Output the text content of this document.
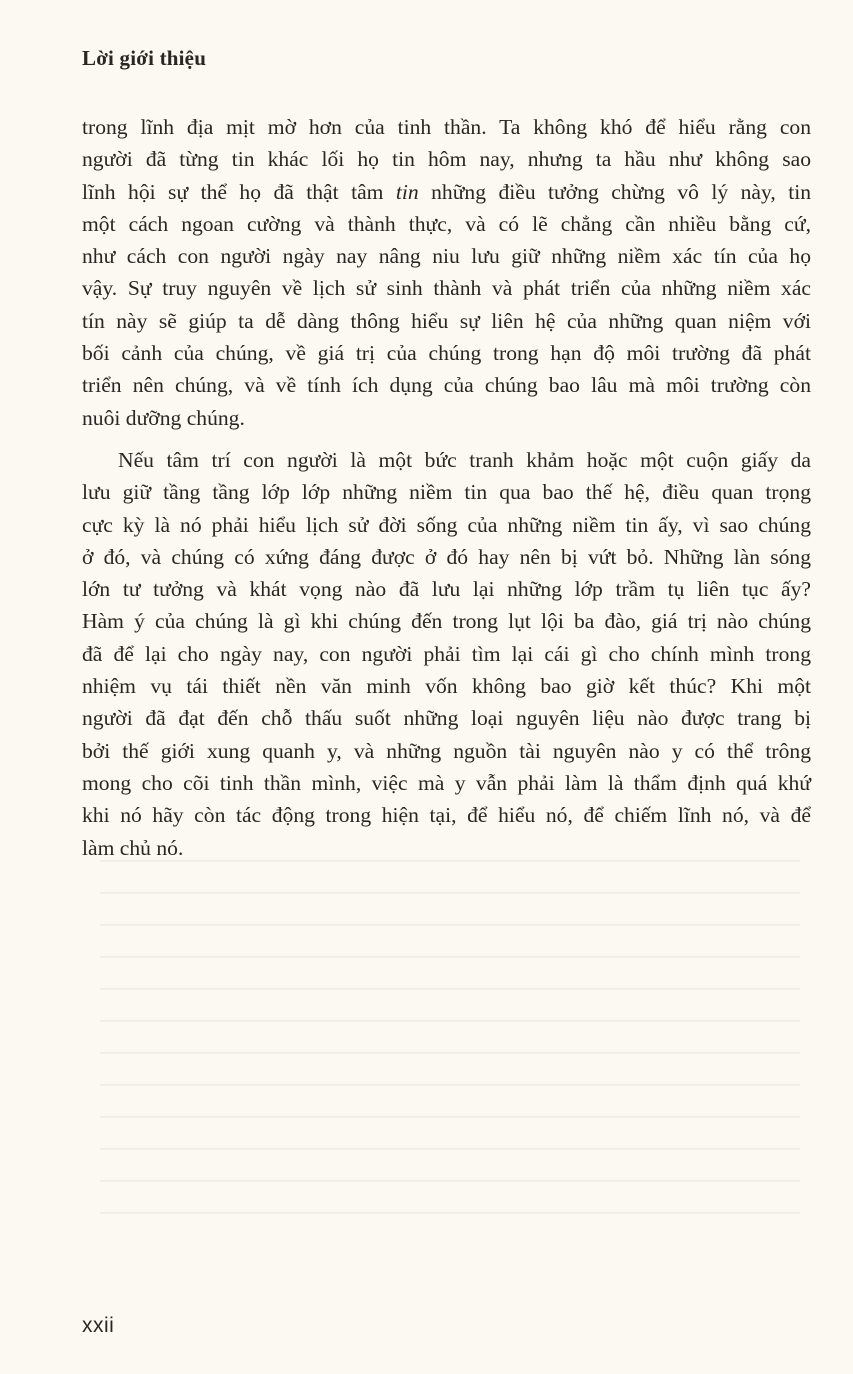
Lời giới thiệu
trong lĩnh địa mịt mờ hơn của tinh thần. Ta không khó để hiểu rằng con
người đã từng tin khác lối họ tin hôm nay, nhưng ta hầu như không sao
lĩnh hội sự thể họ đã thật tâm tin những điều tưởng chừng vô lý này, tin
một cách ngoan cường và thành thực, và có lẽ chẳng cần nhiều bằng cứ,
như cách con người ngày nay nâng niu lưu giữ những niềm xác tín của họ
vậy. Sự truy nguyên về lịch sử sinh thành và phát triển của những niềm xác
tín này sẽ giúp ta dễ dàng thông hiểu sự liên hệ của những quan niệm với
bối cảnh của chúng, về giá trị của chúng trong hạn độ môi trường đã phát
triển nên chúng, và về tính ích dụng của chúng bao lâu mà môi trường còn
nuôi dưỡng chúng.
Nếu tâm trí con người là một bức tranh khảm hoặc một cuộn giấy da
lưu giữ tầng tầng lớp lớp những niềm tin qua bao thế hệ, điều quan trọng
cực kỳ là nó phải hiểu lịch sử đời sống của những niềm tin ấy, vì sao chúng
ở đó, và chúng có xứng đáng được ở đó hay nên bị vứt bỏ. Những làn sóng
lớn tư tưởng và khát vọng nào đã lưu lại những lớp trầm tụ liên tục ấy?
Hàm ý của chúng là gì khi chúng đến trong lụt lội ba đào, giá trị nào chúng
đã để lại cho ngày nay, con người phải tìm lại cái gì cho chính mình trong
nhiệm vụ tái thiết nền văn minh vốn không bao giờ kết thúc? Khi một
người đã đạt đến chỗ thấu suốt những loại nguyên liệu nào được trang bị
bởi thế giới xung quanh y, và những nguồn tài nguyên nào y có thể trông
mong cho cõi tinh thần mình, việc mà y vẫn phải làm là thẩm định quá khứ
khi nó hãy còn tác động trong hiện tại, để hiểu nó, để chiếm lĩnh nó, và để
làm chủ nó.
xxii
